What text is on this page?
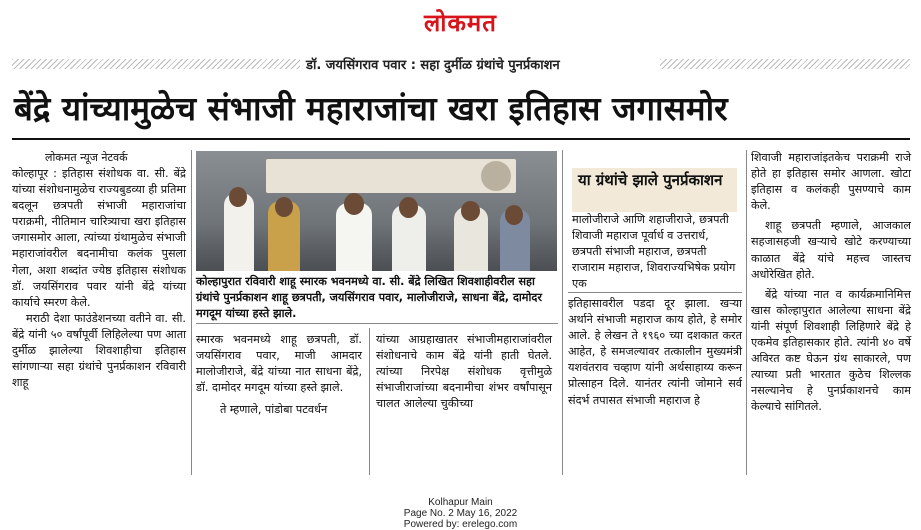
लोकमत
डॉ. जयसिंगराव पवार : सहा दुर्मीळ ग्रंथांचे पुनर्प्रकाशन
बेंद्रे यांच्यामुळेच संभाजी महाराजांचा खरा इतिहास जगासमोर
लोकमत न्यूज नेटवर्क

कोल्हापूर : इतिहास संशोधक वा. सी. बेंद्रे यांच्या संशोधनामुळेच राज्यबुडव्या ही प्रतिमा बदलून छत्रपती संभाजी महाराजांचा पराक्रमी, नीतिमान चारित्र्याचा खरा इतिहास जगासमोर आला, त्यांच्या ग्रंथामुळेच संभाजी महाराजांवरील बदनामीचा कलंक पुसला गेला, अशा शब्दांत ज्येष्ठ इतिहास संशोधक डॉ. जयसिंगराव पवार यांनी बेंद्रे यांच्या कार्याचे स्मरण केले.

मराठी देशा फाउंडेशनच्या वतीने वा. सी. बेंद्रे यांनी ५० वर्षांपूर्वी लिहिलेल्या पण आता दुर्मीळ झालेल्या शिवशाहीचा इतिहास सांगणाऱ्या सहा ग्रंथांचे पुनर्प्रकाशन रविवारी शाहू

कोल्हापुरात रविवारी शाहू स्मारक भवनमध्ये वा. सी. बेंद्रे लिखित शिवशाहीवरील सहा ग्रंथांचे पुनर्प्रकाशन शाहू छत्रपती, जयसिंगराव पवार, मालोजीराजे, साधना बेंद्रे, दामोदर मगदूम यांच्या हस्ते झाले.

स्मारक भवनमध्ये शाहू छत्रपती, डॉ. जयसिंगराव पवार, माजी आमदार मालोजीराजे, बेंद्रे यांच्या नात साधना बेंद्रे, डॉ. दामोदर मगदूम यांच्या हस्ते झाले.

ते म्हणाले, पांडोबा पटवर्धन

यांच्या आग्रहाखातर संभाजीमहाराजांवरील संशोधनाचे काम बेंद्रे यांनी हाती घेतले. त्यांच्या निरपेक्ष संशोधक वृत्तीमुळे संभाजीराजांच्या बदनामीचा शंभर वर्षांपासून चालत आलेल्या चुकीच्या

या ग्रंथांचे झाले पुनर्प्रकाशन
मालोजीराजे आणि शहाजीराजे, छत्रपती शिवाजी महाराज पूर्वार्ध व उत्तरार्ध, छत्रपती संभाजी महाराज, छत्रपती राजाराम महाराज, शिवराज्यभिषेक प्रयोग एक

इतिहासावरील पडदा दूर झाला. खऱ्या अर्थाने संभाजी महाराज काय होते, हे समोर आले. हे लेखन ते १९६० च्या दशकात करत आहेत, हे समजल्यावर तत्कालीन मुख्यमंत्री यशवंतराव चव्हाण यांनी अर्थसाहाय्य करून प्रोत्साहन दिले. यानंतर त्यांनी जोमाने सर्व संदर्भ तपासत संभाजी महाराज हे

शिवाजी महाराजांइतकेच पराक्रमी राजे होते हा इतिहास समोर आणला. खोटा इतिहास व कलंकही पुसण्याचे काम केले.

शाहू छत्रपती म्हणाले, आजकाल सहजासहजी खऱ्याचे खोटे करण्याच्या काळात बेंद्रे यांचे महत्त्व जास्तच अधोरेखित होते.

बेंद्रे यांच्या नात व कार्यक्रमानिमित्त खास कोल्हापुरात आलेल्या साधना बेंद्रे यांनी संपूर्ण शिवशाही लिहिणारे बेंद्रे हे एकमेव इतिहासकार होते. त्यांनी ४० वर्षे अविरत कष्ट घेऊन ग्रंथ साकारले, पण त्याच्या प्रती भारतात कुठेच शिल्लक नसल्यानेच हे पुनर्प्रकाशनचे काम केल्याचे सांगितले.

Kolhapur Main
Page No. 2 May 16, 2022
Powered by: erelego.com
